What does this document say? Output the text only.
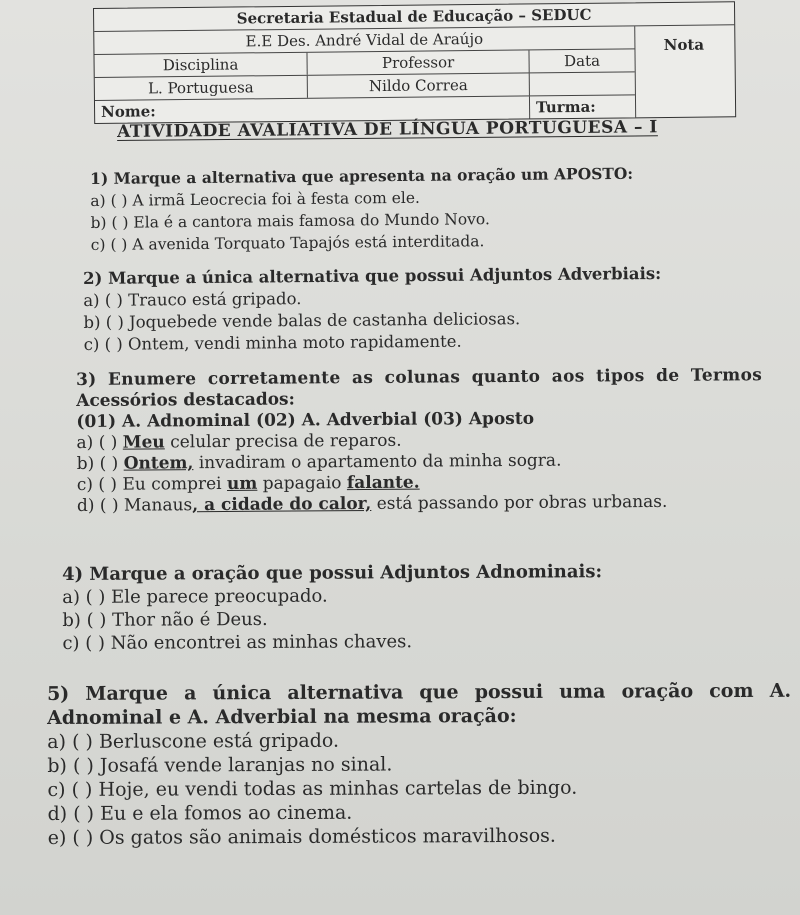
Secretaria Estadual de Educação – SEDUC
E.E Des. André Vidal de Araújo
Disciplina	Professor	Data
L. Portuguesa	Nildo Correa

Nome:	Turma:
Nota
ATIVIDADE AVALIATIVA DE LÍNGUA PORTUGUESA – I
1) Marque a alternativa que apresenta na oração um APOSTO:
a) ( ) A irmã Leocrecia foi à festa com ele.
b) ( ) Ela é a cantora mais famosa do Mundo Novo.
c) ( ) A avenida Torquato Tapajós está interditada.
2) Marque a única alternativa que possui Adjuntos Adverbiais:
a) ( ) Trauco está gripado.
b) ( ) Joquebede vende balas de castanha deliciosas.
c) ( ) Ontem, vendi minha moto rapidamente.
3) Enumere corretamente as colunas quanto aos tipos de Termos
Acessórios destacados:
(01) A. Adnominal (02) A. Adverbial (03) Aposto
a) ( ) Meu celular precisa de reparos.
b) ( ) Ontem, invadiram o apartamento da minha sogra.
c) ( ) Eu comprei um papagaio falante.
d) ( ) Manaus, a cidade do calor, está passando por obras urbanas.
4) Marque a oração que possui Adjuntos Adnominais:
a) ( ) Ele parece preocupado.
b) ( ) Thor não é Deus.
c) ( ) Não encontrei as minhas chaves.
5) Marque a única alternativa que possui uma oração com A.
Adnominal e A. Adverbial na mesma oração:
a) ( ) Berluscone está gripado.
b) ( ) Josafá vende laranjas no sinal.
c) ( ) Hoje, eu vendi todas as minhas cartelas de bingo.
d) ( ) Eu e ela fomos ao cinema.
e) ( ) Os gatos são animais domésticos maravilhosos.
